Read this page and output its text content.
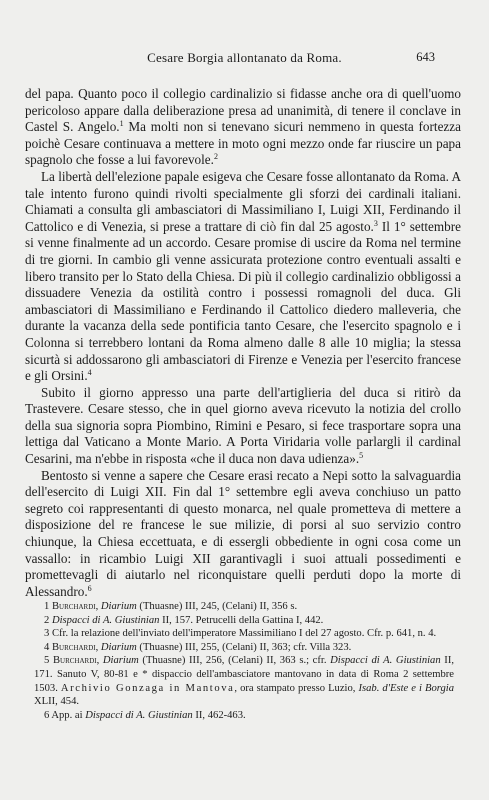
Cesare Borgia allontanato da Roma.	643

del papa. Quanto poco il collegio cardinalizio si fidasse anche ora di quell'uomo pericoloso appare dalla deliberazione presa ad unanimità, di tenere il conclave in Castel S. Angelo.$^1$ Ma molti non si tenevano sicuri nemmeno in questa fortezza poichè Cesare continuava a mettere in moto ogni mezzo onde far riuscire un papa spagnolo che fosse a lui favorevole.$^2$

La libertà dell'elezione papale esigeva che Cesare fosse allontanato da Roma. A tale intento furono quindi rivolti specialmente gli sforzi dei cardinali italiani. Chiamati a consulta gli ambasciatori di Massimiliano I, Luigi XII, Ferdinando il Cattolico e di Venezia, si prese a trattare di ciò fin dal 25 agosto.$^3$ Il 1° settembre si venne finalmente ad un accordo. Cesare promise di uscire da Roma nel termine di tre giorni. In cambio gli venne assicurata protezione contro eventuali assalti e libero transito per lo Stato della Chiesa. Di più il collegio cardinalizio obbligossi a dissuadere Venezia da ostilità contro i possessi romagnoli del duca. Gli ambasciatori di Massimiliano e Ferdinando il Cattolico diedero malleveria, che durante la vacanza della sede pontificia tanto Cesare, che l'esercito spagnolo e i Colonna si terrebbero lontani da Roma almeno dalle 8 alle 10 miglia; la stessa sicurtà si addossarono gli ambasciatori di Firenze e Venezia per l'esercito francese e gli Orsini.$^4$

Subito il giorno appresso una parte dell'artiglieria del duca si ritirò da Trastevere. Cesare stesso, che in quel giorno aveva ricevuto la notizia del crollo della sua signoria sopra Piombino, Rimini e Pesaro, si fece trasportare sopra una lettiga dal Vaticano a Monte Mario. A Porta Viridaria volle parlargli il cardinal Cesarini, ma n'ebbe in risposta «che il duca non dava udienza».$^5$

Bentosto si venne a sapere che Cesare erasi recato a Nepi sotto la salvaguardia dell'esercito di Luigi XII. Fin dal 1° settembre egli aveva conchiuso un patto segreto coi rappresentanti di questo monarca, nel quale prometteva di mettere a disposizione del re francese le sue milizie, di porsi al suo servizio contro chiunque, la Chiesa eccettuata, e di essergli obbediente in ogni cosa come un vassallo: in ricambio Luigi XII garantivagli i suoi attuali possedimenti e promettevagli di aiutarlo nel riconquistare quelli perduti dopo la morte di Alessandro.$^6$

1 Burchardi, Diarium (Thuasne) III, 245, (Celani) II, 356 s.

2 Dispacci di A. Giustinian II, 157. Petrucelli della Gattina I, 442.

3 Cfr. la relazione dell'inviato dell'imperatore Massimiliano I del 27 agosto. Cfr. p. 641, n. 4.

4 Burchardi, Diarium (Thuasne) III, 255, (Celani) II, 363; cfr. Villa 323.

5 Burchardi, Diarium (Thuasne) III, 256, (Celani) II, 363 s.; cfr. Dispacci di A. Giustinian II, 171. Sanuto V, 80-81 e * dispaccio dell'ambasciatore mantovano in data di Roma 2 settembre 1503. Archivio Gonzaga in Mantova, ora stampato presso Luzio, Isab. d'Este e i Borgia XLII, 454.

6 App. ai Dispacci di A. Giustinian II, 462-463.
